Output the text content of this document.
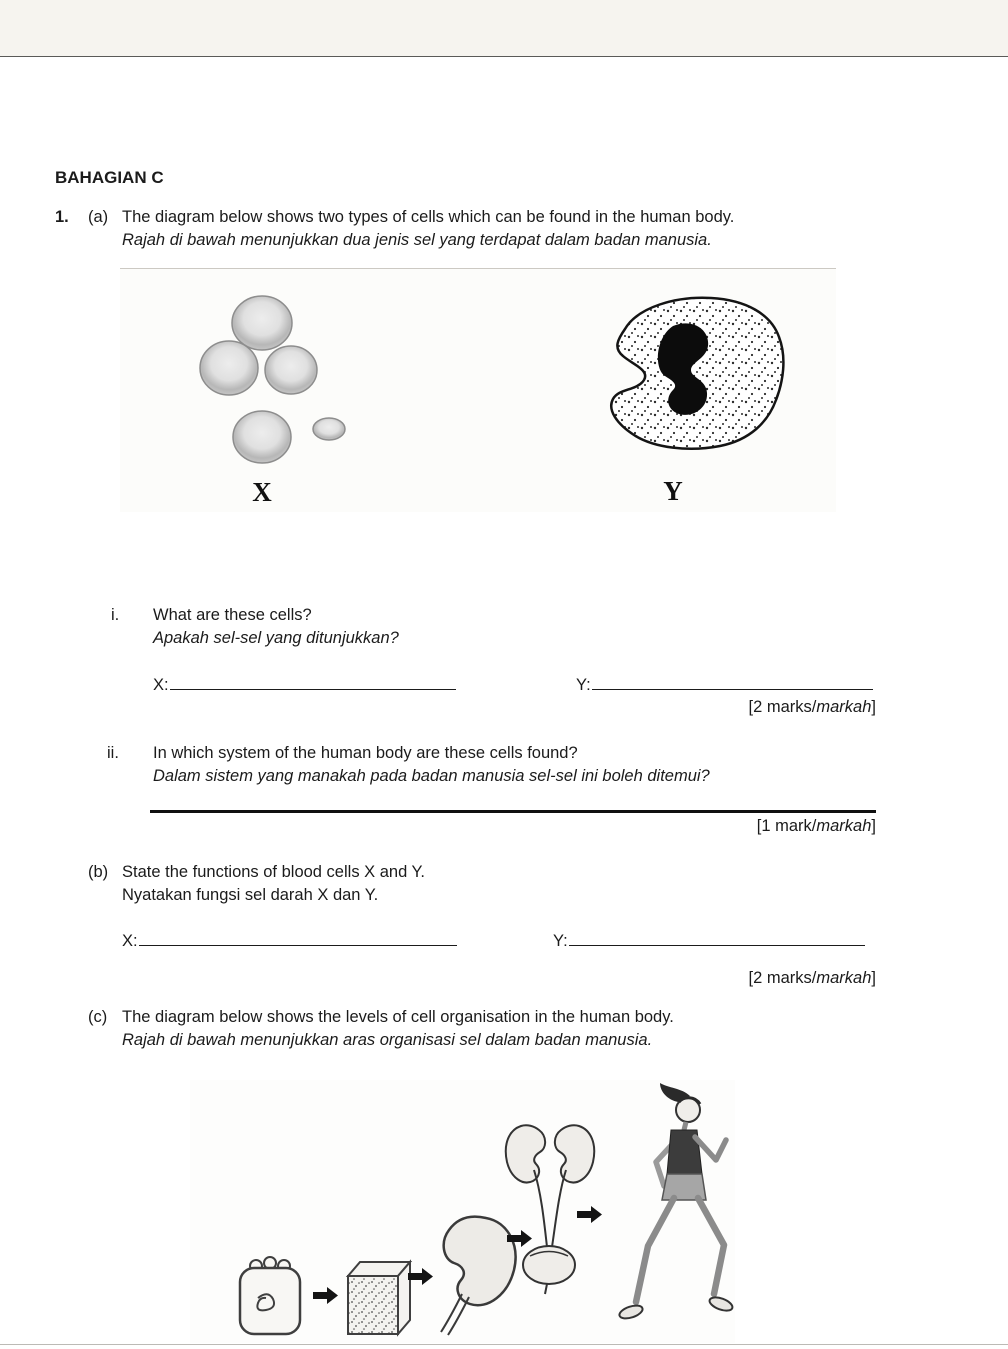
BAHAGIAN C
1. (a) The diagram below shows two types of cells which can be found in the human body.
Rajah di bawah menunjukkan dua jenis sel yang terdapat dalam badan manusia.
X	Y
i. What are these cells?
Apakah sel-sel yang ditunjukkan?
X:	Y:
[2 marks/markah]
ii. In which system of the human body are these cells found?
Dalam sistem yang manakah pada badan manusia sel-sel ini boleh ditemui?
[1 mark/markah]
(b) State the functions of blood cells X and Y.
Nyatakan fungsi sel darah X dan Y.
X:	Y:
[2 marks/markah]
(c) The diagram below shows the levels of cell organisation in the human body.
Rajah di bawah menunjukkan aras organisasi sel dalam badan manusia.
